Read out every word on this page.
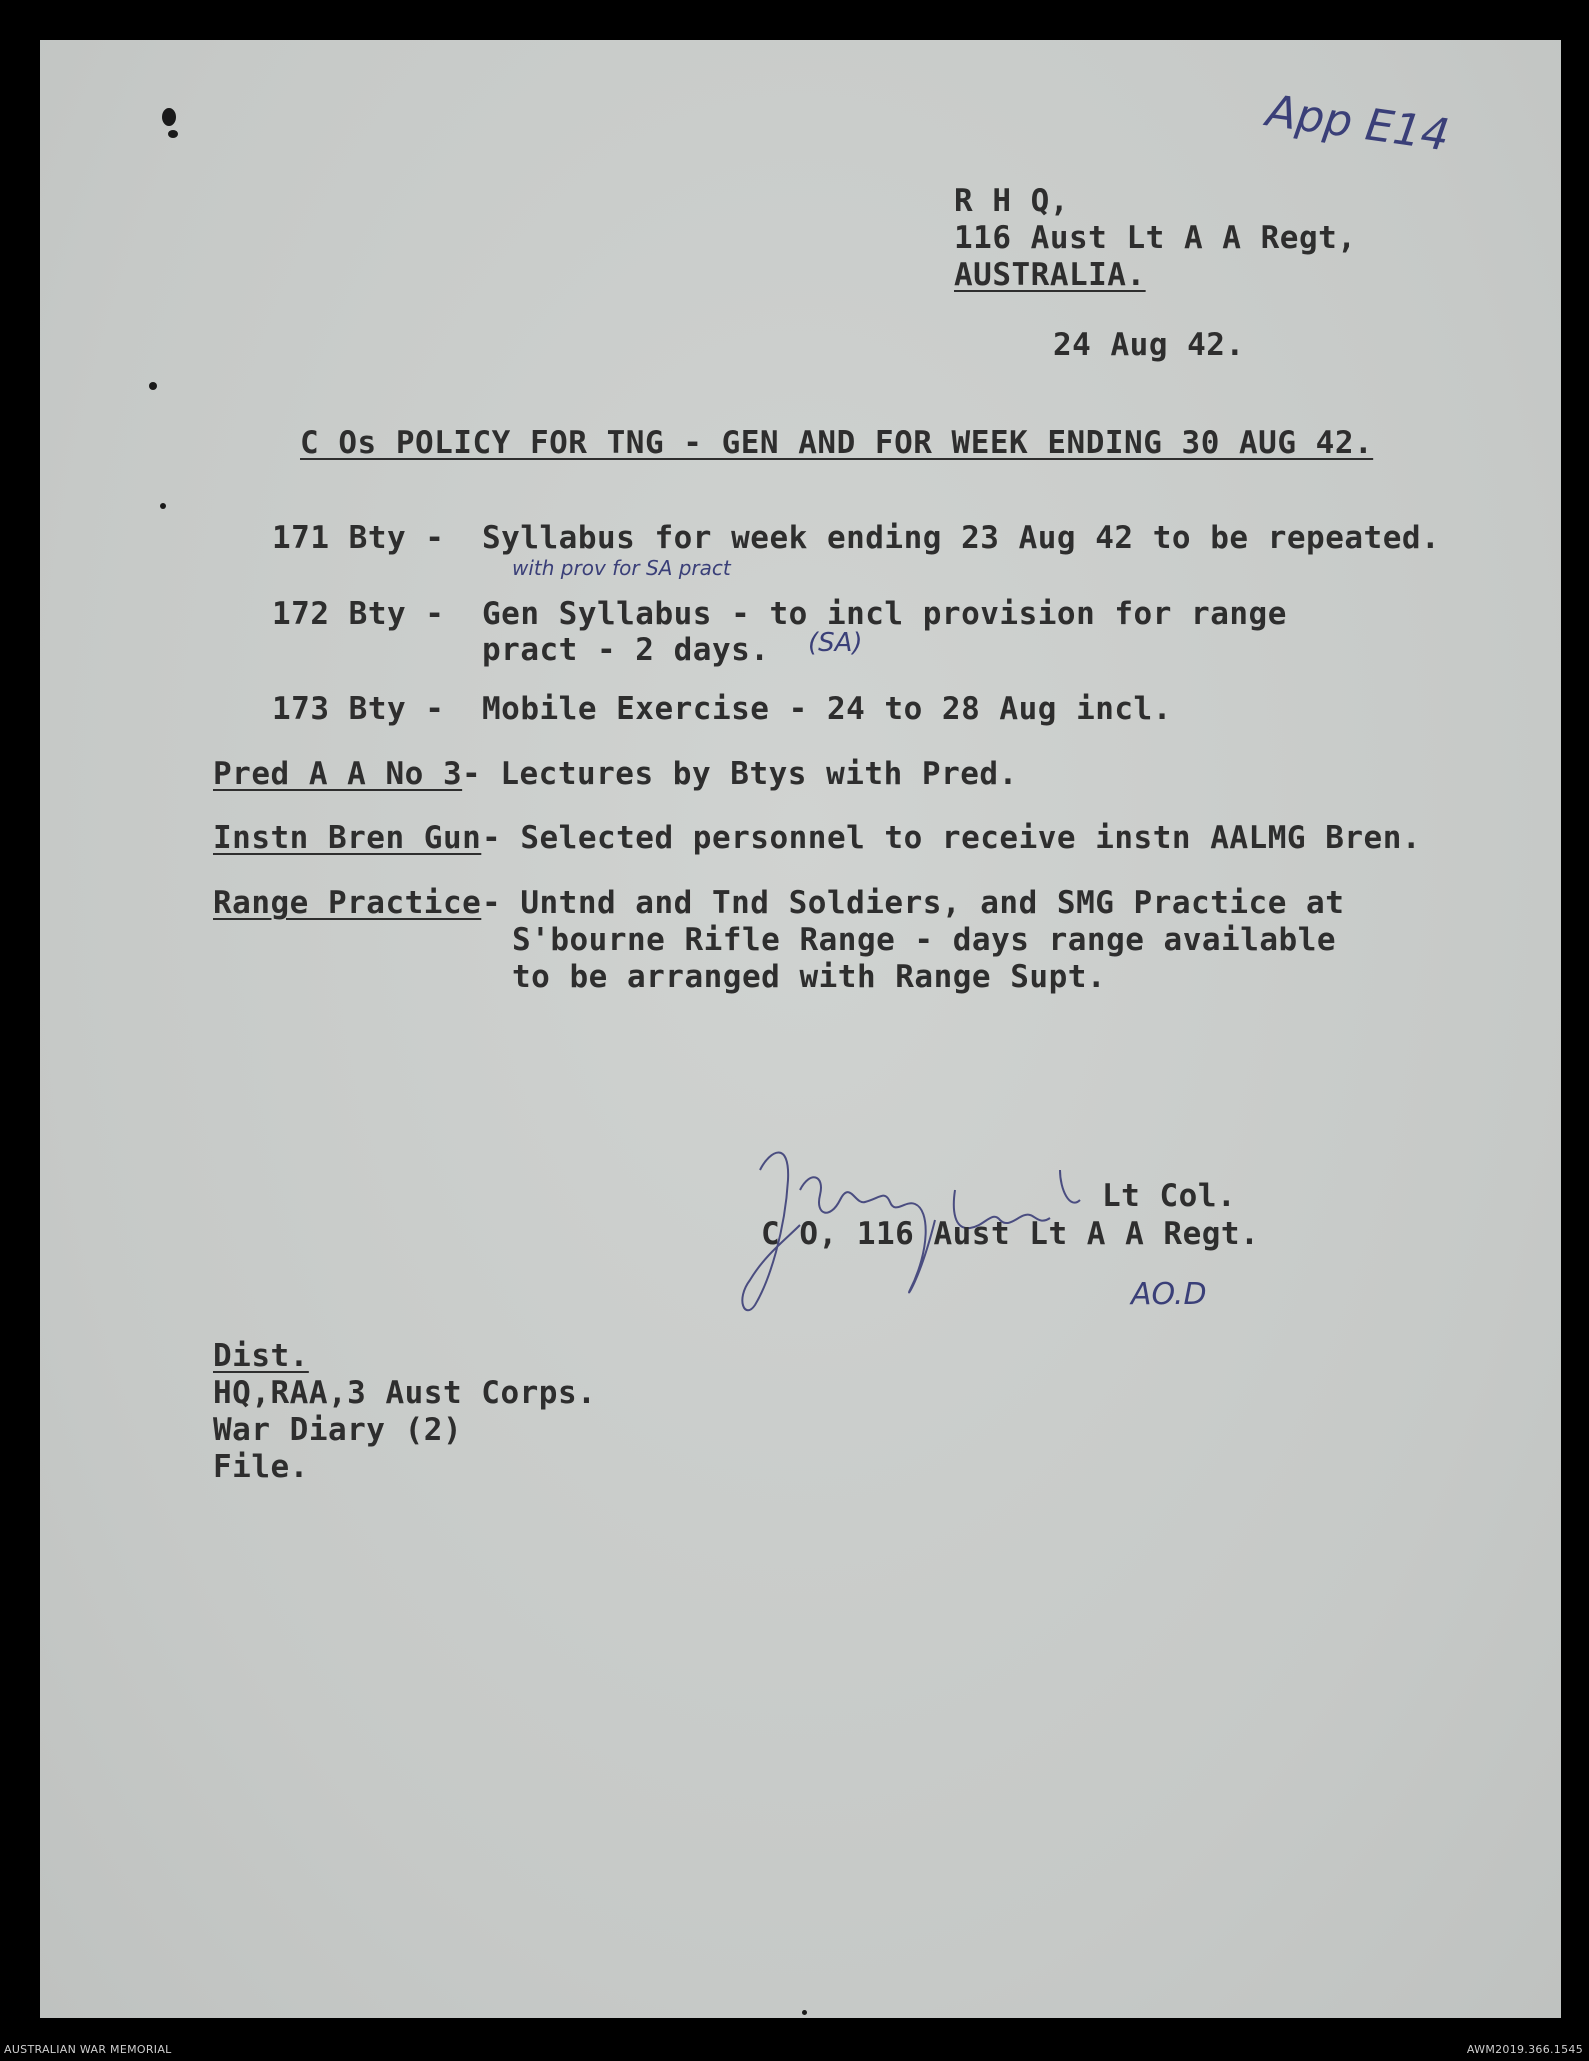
App E14

R H Q,

116 Aust Lt A A Regt,

AUSTRALIA.

24 Aug 42.

C Os POLICY FOR TNG - GEN AND FOR WEEK ENDING 30 AUG 42.

171 Bty - Syllabus for week ending 23 Aug 42 to be repeated.

with prov for SA pract

172 Bty - Gen Syllabus - to incl provision for range

pract - 2 days. (SA)

173 Bty - Mobile Exercise - 24 to 28 Aug incl.

Pred A A No 3 - Lectures by Btys with Pred.

Instn Bren Gun - Selected personnel to receive instn AALMG Bren.

Range Practice - Untnd and Tnd Soldiers, and SMG Practice at

S'bourne Rifle Range - days range available

to be arranged with Range Supt.

Lt Col.

C O, 116 Aust Lt A A Regt.

AO.D

Dist.

HQ,RAA,3 Aust Corps.

War Diary (2)

File.

AUSTRALIAN WAR MEMORIAL	AWM2019.366.1545
